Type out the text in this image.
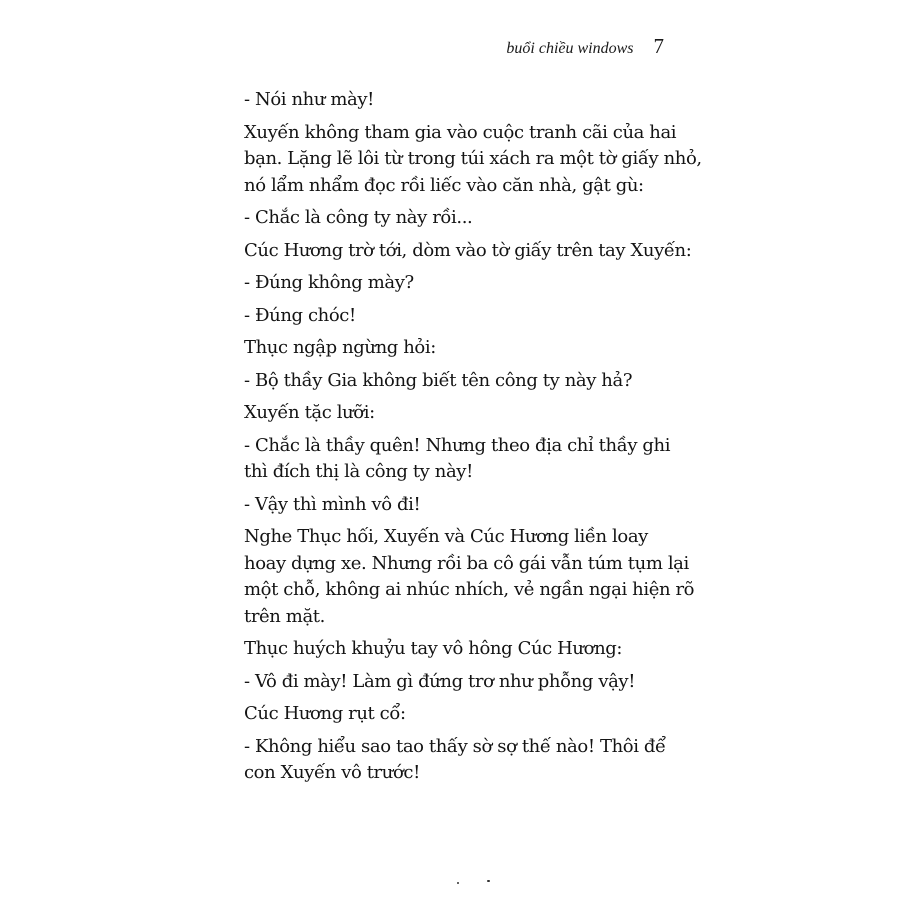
buổi chiều windows 7

- Nói như mày!

Xuyến không tham gia vào cuộc tranh cãi của hai
bạn. Lặng lẽ lôi từ trong túi xách ra một tờ giấy nhỏ,
nó lẩm nhẩm đọc rồi liếc vào căn nhà, gật gù:

- Chắc là công ty này rồi...

Cúc Hương trờ tới, dòm vào tờ giấy trên tay Xuyến:

- Đúng không mày?

- Đúng chóc!

Thục ngập ngừng hỏi:

- Bộ thầy Gia không biết tên công ty này hả?

Xuyến tặc lưỡi:

- Chắc là thầy quên! Nhưng theo địa chỉ thầy ghi
thì đích thị là công ty này!

- Vậy thì mình vô đi!

Nghe Thục hối, Xuyến và Cúc Hương liền loay
hoay dựng xe. Nhưng rồi ba cô gái vẫn túm tụm lại
một chỗ, không ai nhúc nhích, vẻ ngần ngại hiện rõ
trên mặt.

Thục huých khuỷu tay vô hông Cúc Hương:

- Vô đi mày! Làm gì đứng trơ như phỗng vậy!

Cúc Hương rụt cổ:

- Không hiểu sao tao thấy sờ sợ thế nào! Thôi để
con Xuyến vô trước!
